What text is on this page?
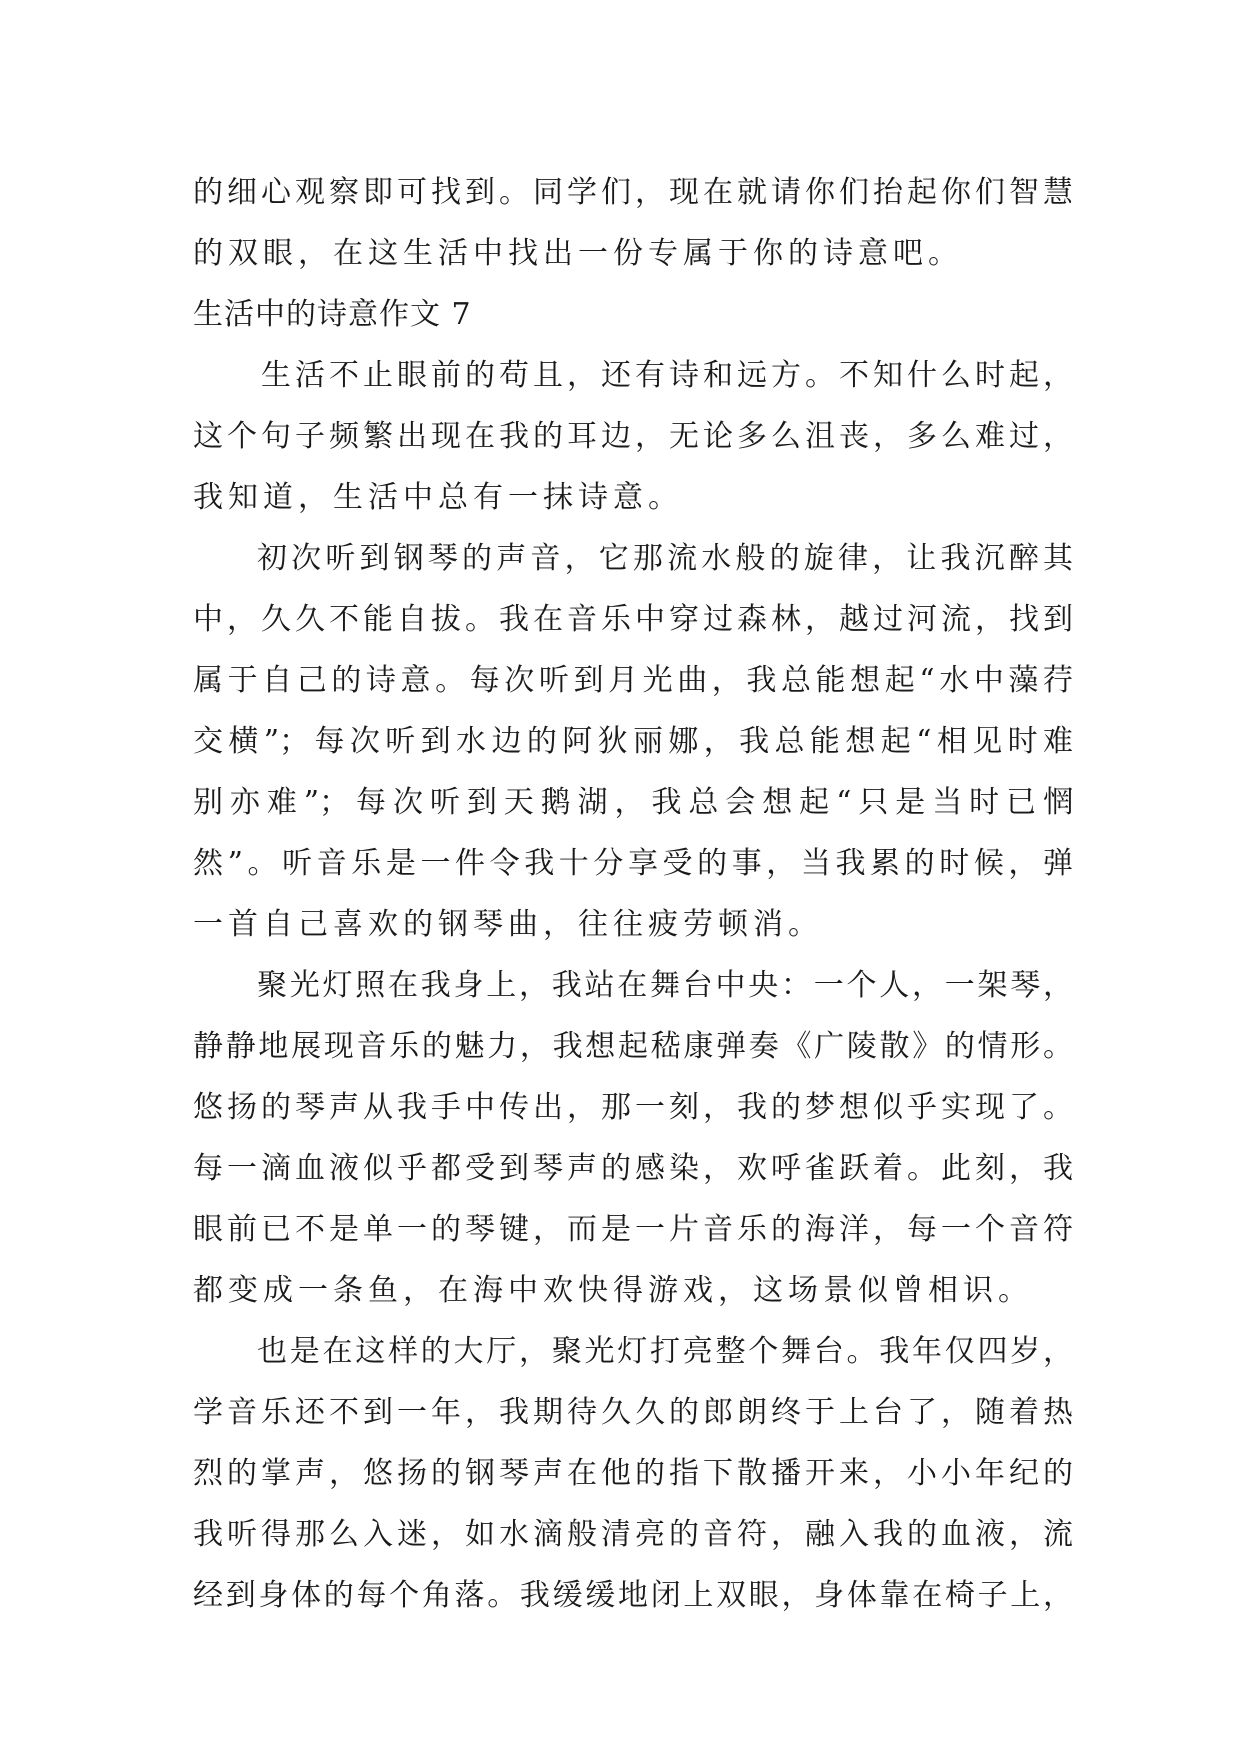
的细心观察即可找到。同学们，现在就请你们抬起你们智慧
的双眼，在这生活中找出一份专属于你的诗意吧。
生活中的诗意作文 7
生活不止眼前的苟且，还有诗和远方。不知什么时起，
这个句子频繁出现在我的耳边，无论多么沮丧，多么难过，
我知道，生活中总有一抹诗意。
初次听到钢琴的声音，它那流水般的旋律，让我沉醉其
中，久久不能自拔。我在音乐中穿过森林，越过河流，找到
属于自己的诗意。每次听到月光曲，我总能想起“水中藻荇
交横”；每次听到水边的阿狄丽娜，我总能想起“相见时难
别亦难”；每次听到天鹅湖，我总会想起“只是当时已惘
然”。听音乐是一件令我十分享受的事，当我累的时候，弹
一首自己喜欢的钢琴曲，往往疲劳顿消。
聚光灯照在我身上，我站在舞台中央：一个人，一架琴，
静静地展现音乐的魅力，我想起嵇康弹奏《广陵散》的情形。
悠扬的琴声从我手中传出，那一刻，我的梦想似乎实现了。
每一滴血液似乎都受到琴声的感染，欢呼雀跃着。此刻，我
眼前已不是单一的琴键，而是一片音乐的海洋，每一个音符
都变成一条鱼，在海中欢快得游戏，这场景似曾相识。
也是在这样的大厅，聚光灯打亮整个舞台。我年仅四岁，
学音乐还不到一年，我期待久久的郎朗终于上台了，随着热
烈的掌声，悠扬的钢琴声在他的指下散播开来，小小年纪的
我听得那么入迷，如水滴般清亮的音符，融入我的血液，流
经到身体的每个角落。我缓缓地闭上双眼，身体靠在椅子上，
